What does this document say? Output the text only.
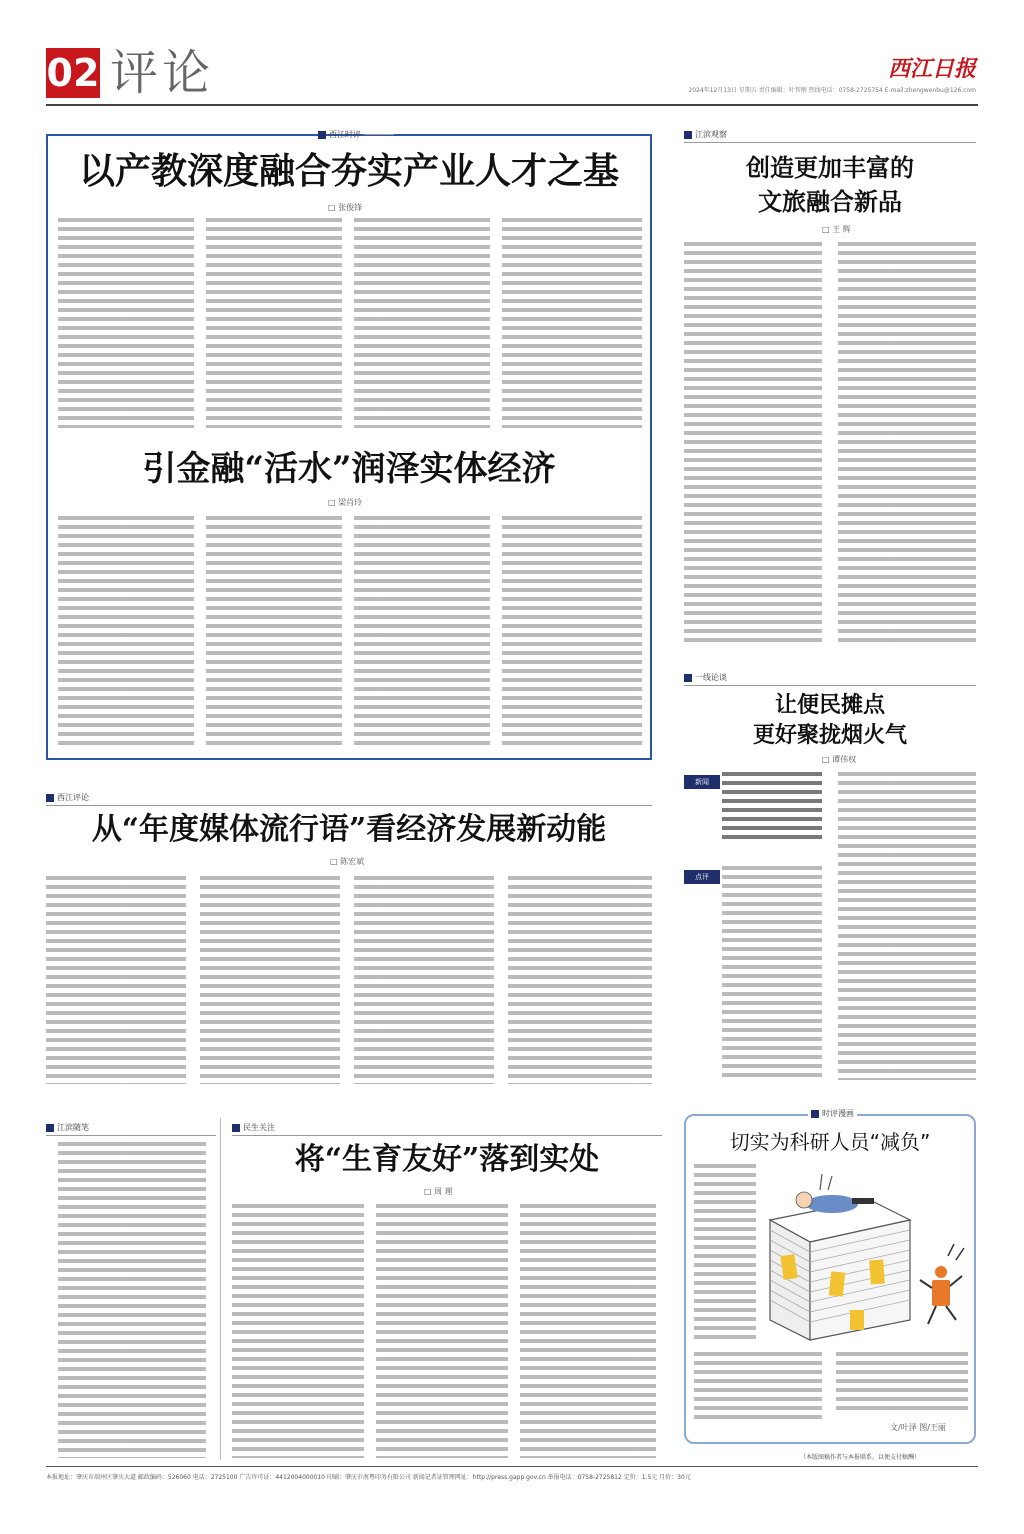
02 评论	西江日报
2024年12月13日 星期五 责任编辑：叶智刚 热线电话：0758-2725754 E-mail:zhengwenbu@126.com
西江时评
以产教深度融合夯实产业人才之基
□ 张俊锋
引金融“活水”润泽实体经济
□ 梁肖玲
江滨观察
创造更加丰富的
文旅融合新品
□ 王 辉
一线论谈
让便民摊点
更好聚拢烟火气
□ 谭伟权
新闻
点评
西江评论
从“年度媒体流行语”看经济发展新动能
□ 陈宏斌
江滨随笔	民生关注
将“生育友好”落到实处
□ 周 理
时评漫画
切实为科研人员“减负”
文/叶泽 图/王丽
（本版图稿作者与本报联系，以便支付稿酬）
本报地址：肇庆市端州区肇庆大道 邮政编码：526060 电话：2725100 广告许可证：4412004000010 印刷：肇庆市南粤印务有限公司 新闻记者证管理网址：http://press.gapp.gov.cn 举报电话：0758-2725812 定价：1.5元 月价：30元
